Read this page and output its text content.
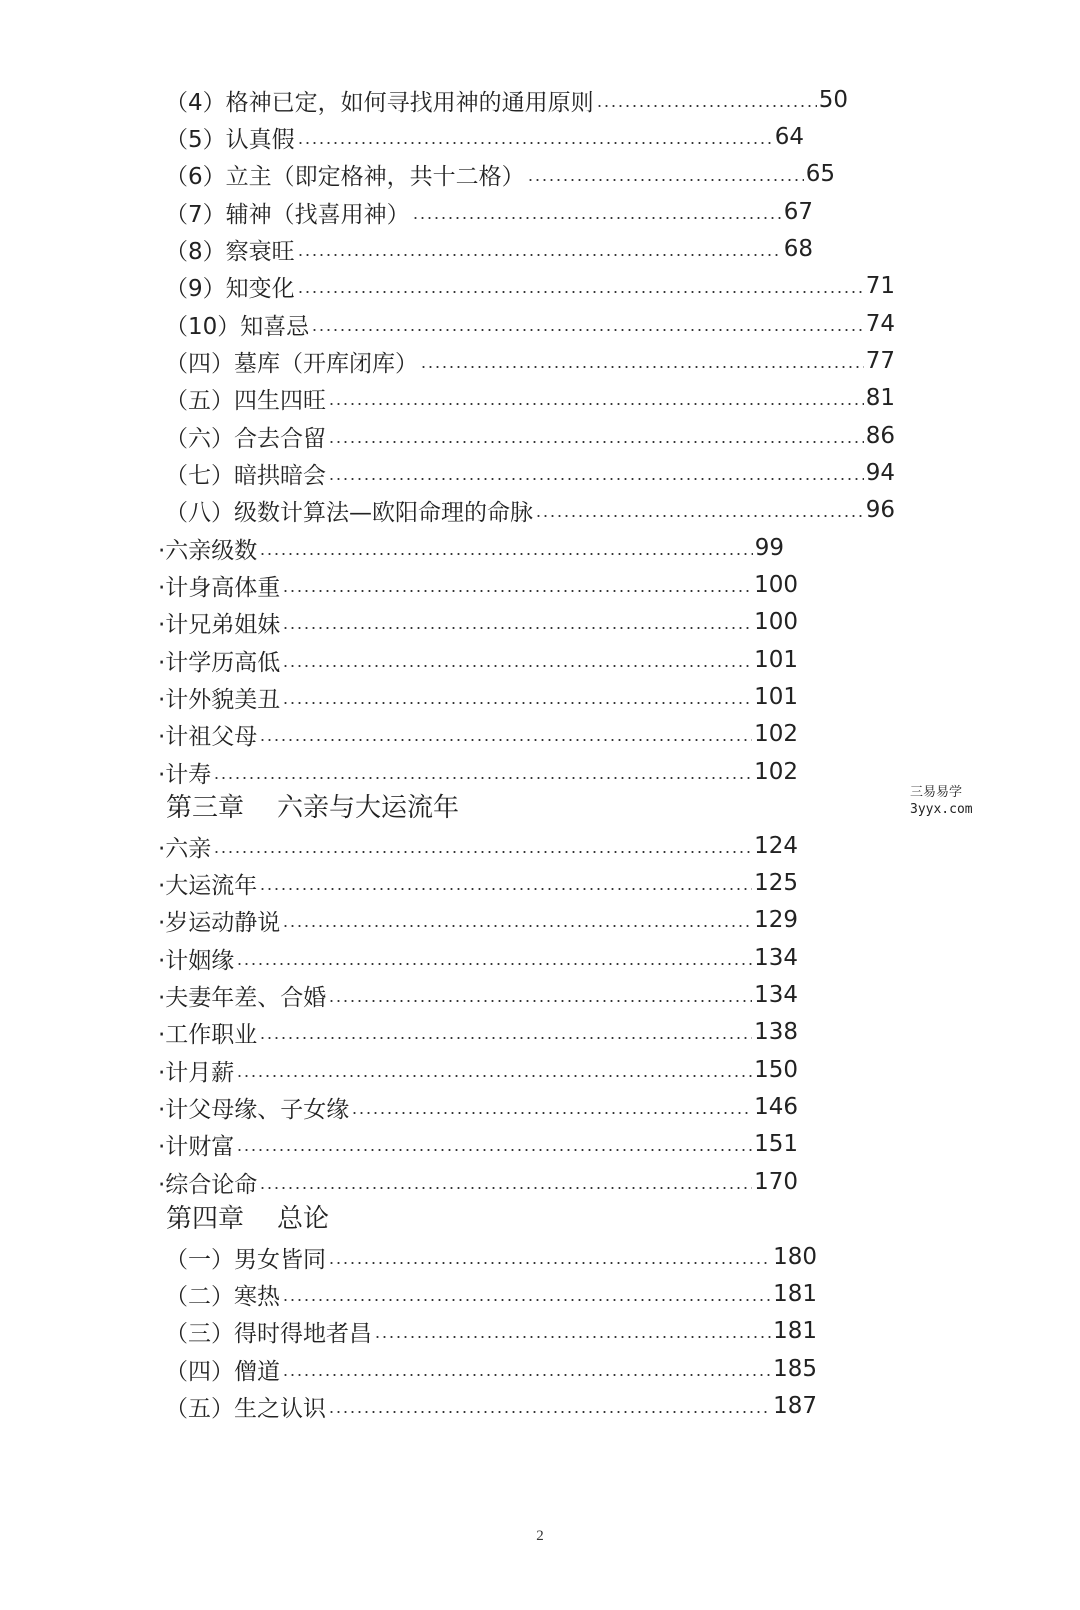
（4）格神已定，如何寻找用神的通用原则	50
（5）认真假	64
（6）立主（即定格神，共十二格）	65
（7）辅神（找喜用神）	67
（8）察衰旺	68
（9）知变化	71
（10）知喜忌	74
（四）墓库（开库闭库）	77
（五）四生四旺	81
（六）合去合留	86
（七）暗拱暗会	94
（八）级数计算法—欧阳命理的命脉	96
·六亲级数	99
·计身高体重	100
·计兄弟姐妹	100
·计学历高低	101
·计外貌美丑	101
·计祖父母	102
·计寿	102
三易易学
3yyx.com
第三章    六亲与大运流年
·六亲	124
·大运流年	125
·岁运动静说	129
·计姻缘	134
·夫妻年差、合婚	134
·工作职业	138
·计月薪	150
·计父母缘、子女缘	146
·计财富	151
·综合论命	170
第四章    总论
（一）男女皆同	180
（二）寒热	181
（三）得时得地者昌	181
（四）僧道	185
（五）生之认识	187
2
